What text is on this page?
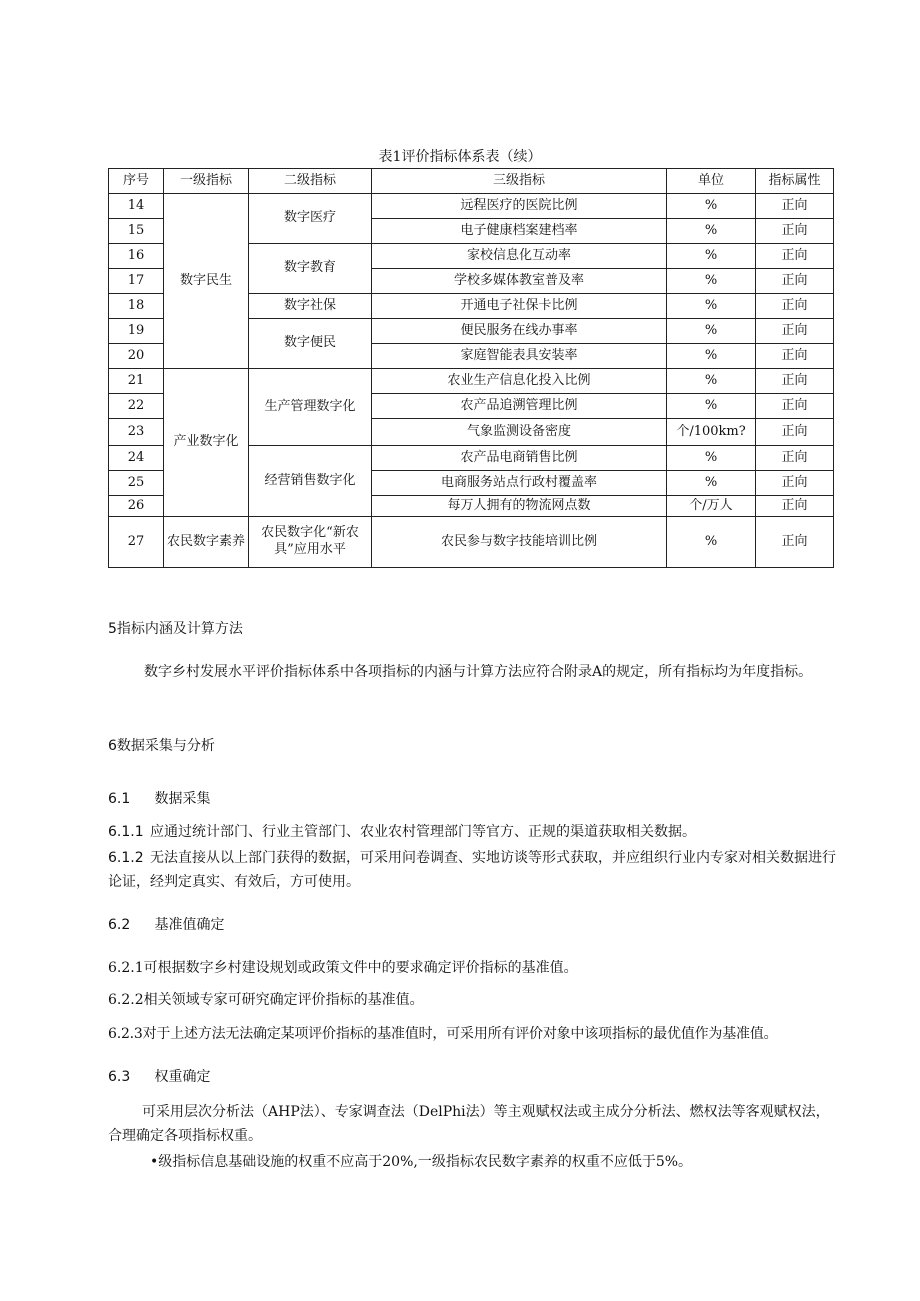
表1评价指标体系表（续）
序号	一级指标	二级指标	三级指标	单位	指标属性
14	数字民生	数字医疗	远程医疗的医院比例	%	正向
15			电子健康档案建档率	%	正向
16		数字教育	家校信息化互动率	%	正向
17			学校多媒体教室普及率	%	正向
18		数字社保	开通电子社保卡比例	%	正向
19		数字便民	便民服务在线办事率	%	正向
20			家庭智能表具安装率	%	正向
21	产业数字化	生产管理数字化	农业生产信息化投入比例	%	正向
22			农产品追溯管理比例	%	正向
23			气象监测设备密度	个/100km?	正向
24		经营销售数字化	农产品电商销售比例	%	正向
25			电商服务站点行政村覆盖率	%	正向
26			每万人拥有的物流网点数	个/万人	正向
27	农民数字素养	农民数字化“新农具”应用水平	农民参与数字技能培训比例	%	正向
5指标内涵及计算方法
数字乡村发展水平评价指标体系中各项指标的内涵与计算方法应符合附录A的规定，所有指标均为年度指标。
6数据采集与分析
6.1 数据采集
6.1.1 应通过统计部门、行业主管部门、农业农村管理部门等官方、正规的渠道获取相关数据。
6.1.2 无法直接从以上部门获得的数据，可采用问卷调查、实地访谈等形式获取，并应组织行业内专家对相关数据进行论证，经判定真实、有效后，方可使用。
6.2 基准值确定
6.2.1可根据数字乡村建设规划或政策文件中的要求确定评价指标的基准值。
6.2.2相关领域专家可研究确定评价指标的基准值。
6.2.3对于上述方法无法确定某项评价指标的基准值时，可采用所有评价对象中该项指标的最优值作为基准值。
6.3 权重确定
可采用层次分析法（AHP法）、专家调查法（DelPhi法）等主观赋权法或主成分分析法、燃权法等客观赋权法，合理确定各项指标权重。
•级指标信息基础设施的权重不应高于20%,一级指标农民数字素养的权重不应低于5%。
